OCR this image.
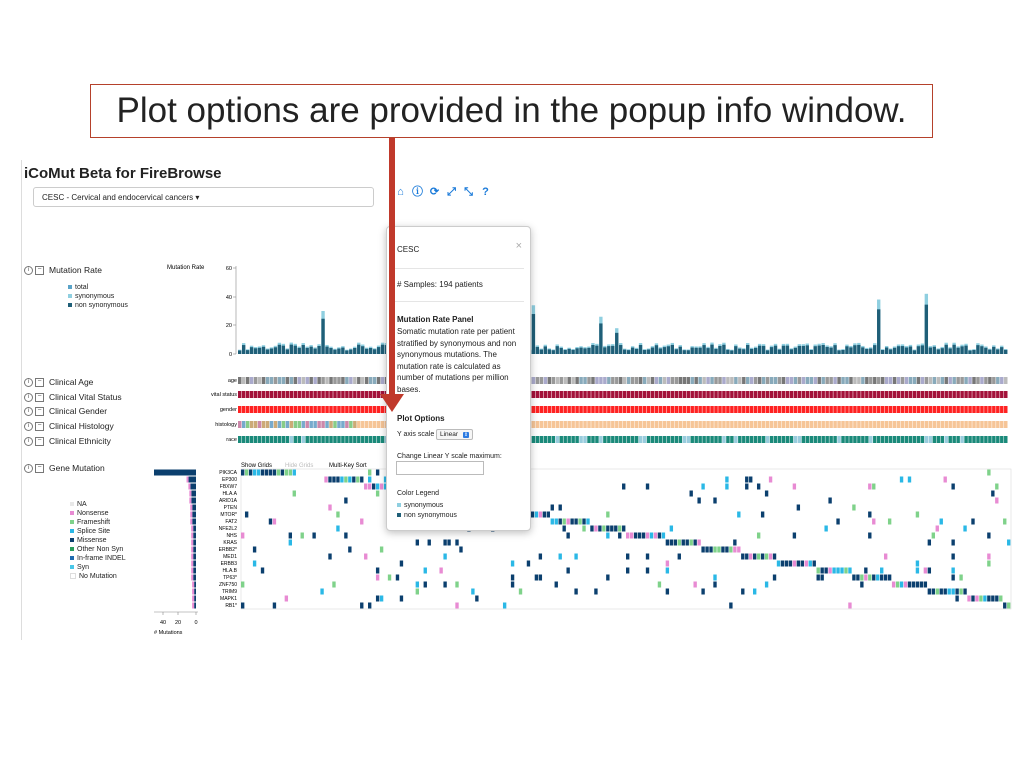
Plot options are provided in the popup info window.
iCoMut Beta for FireBrowse
CESC - Cervical and endocervical cancers ▾	⌂ ⓘ ⟳ ⤢ ⤡ ?
i	− Mutation Rate
total
synonymous
non synonymous
i	− Clinical Age
i	− Clinical Vital Status
i	− Clinical Gender
i	− Clinical Histology
i	− Clinical Ethnicity
i	− Gene Mutation
NA
Nonsense
Frameshift
Splice Site
Missense
Other Non Syn
In-frame INDEL
Syn
No Mutation
Mutation Rate	60
40
20
0
age
vital status
gender
histology
race
Show Grids Hide Grids	Multi-Key Sort
PIK3CA
EP300
FBXW7
HLA.A
ARID1A
PTEN
MTOR*
FAT2
NFE2L2
NHS
KRAS
ERBB2*
MED1
ERBB3
HLA.B
TP63*
ZNF750
TRIM9
MAPK1
RB1*
40 20 0
# Mutations
CESC	×
# Samples: 194 patients
Mutation Rate Panel
Somatic mutation rate per patient stratified by synonymous and non synonymous mutations. The mutation rate is calculated as number of mutations per million bases.
Plot Options
Y axis scale Linear ⇕
Change Linear Y scale maximum:
Color Legend
synonymous
non synonymous
